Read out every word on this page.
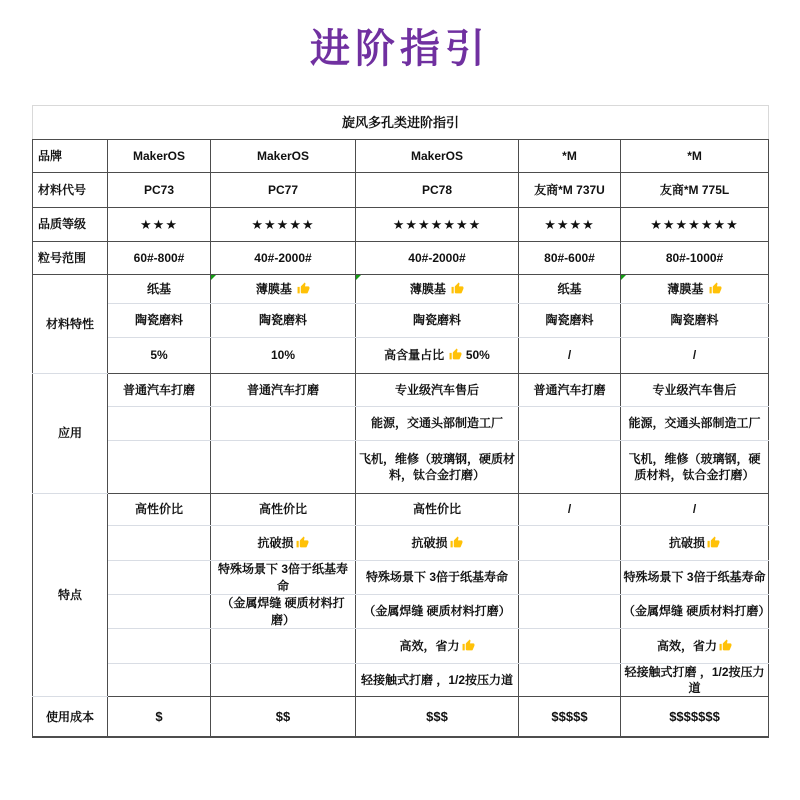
进阶指引
旋风多孔类进阶指引					
品牌	MakerOS	MakerOS	MakerOS	*M	*M
材料代号	PC73	PC77	PC78	友商*M 737U	友商*M 775L
品质等级	★★★	★★★★★	★★★★★★★	★★★★	★★★★★★★
粒号范围	60#-800#	40#-2000#	40#-2000#	80#-600#	80#-1000#
材料特性	纸基	薄膜基	薄膜基	纸基	薄膜基
	陶瓷磨料	陶瓷磨料	陶瓷磨料	陶瓷磨料	陶瓷磨料
	5%	10%	高含量占比  50%	/	/
应用	普通汽车打磨	普通汽车打磨	专业级汽车售后	普通汽车打磨	专业级汽车售后
			能源，交通头部制造工厂		能源，交通头部制造工厂
			飞机，维修（玻璃钢，硬质材料，钛合金打磨）		飞机，维修（玻璃钢，硬质材料，钛合金打磨）
特点	高性价比	高性价比	高性价比	/	/
		抗破损	抗破损		抗破损
		特殊场景下 3倍于纸基寿命	特殊场景下 3倍于纸基寿命		特殊场景下 3倍于纸基寿命
		（金属焊缝 硬质材料打磨）	（金属焊缝 硬质材料打磨）		（金属焊缝 硬质材料打磨）
			高效，省力		高效，省力
			轻接触式打磨 ，1/2按压力道		轻接触式打磨 ，1/2按压力道
使用成本	$	$$	$$$	$$$$$	$$$$$$$
